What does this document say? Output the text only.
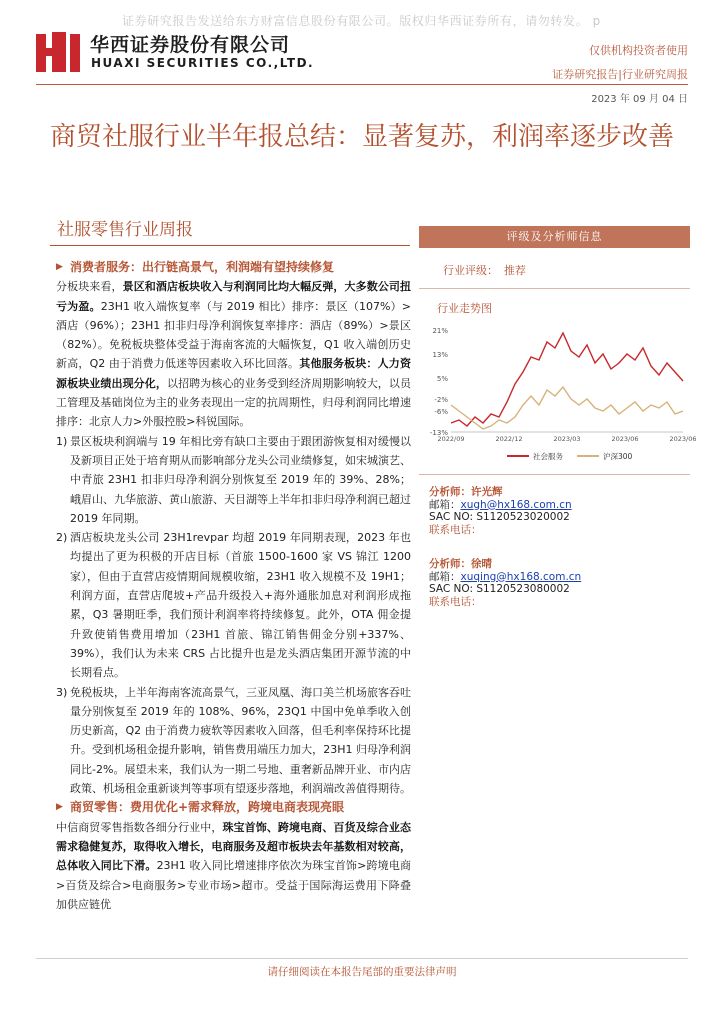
证券研究报告发送给东方财富信息股份有限公司。版权归华西证券所有，请勿转发。 p
华西证券股份有限公司
HUAXI SECURITIES CO.,LTD.
仅供机构投资者使用
证券研究报告|行业研究周报
2023 年 09 月 04 日
商贸社服行业半年报总结：显著复苏，利润率逐步改善
社服零售行业周报
▶ 消费者服务：出行链高景气，利润端有望持续修复
分板块来看，景区和酒店板块收入与利润同比均大幅反弹，大多数公司扭亏为盈。23H1 收入端恢复率（与 2019 相比）排序：景区（107%）>酒店（96%）；23H1 扣非归母净利润恢复率排序：酒店（89%）>景区（82%）。免税板块整体受益于海南客流的大幅恢复，Q1 收入端创历史新高，Q2 由于消费力低迷等因素收入环比回落。其他服务板块：人力资源板块业绩出现分化，以招聘为核心的业务受到经济周期影响较大，以员工管理及基础岗位为主的业务表现出一定的抗周期性，归母利润同比增速排序：北京人力>外服控股>科锐国际。
1) 景区板块利润端与 19 年相比旁有缺口主要由于跟团游恢复相对缓慢以及新项目正处于培育期从而影响部分龙头公司业绩修复，如宋城演艺、中青旅 23H1 扣非归母净利润分别恢复至 2019 年的 39%、28%；峨眉山、九华旅游、黄山旅游、天目湖等上半年扣非归母净利润已超过 2019 年同期。
2) 酒店板块龙头公司 23H1revpar 均超 2019 年同期表现，2023 年也均提出了更为积极的开店目标（首旅 1500-1600 家 VS 锦江 1200 家），但由于直营店疫情期间规模收缩，23H1 收入规模不及 19H1；利润方面，直营店爬坡+产品升级投入+海外通胀加息对利润形成拖累，Q3 暑期旺季，我们预计利润率将持续修复。此外，OTA 佣金提升致使销售费用增加（23H1 首旅、锦江销售佣金分别+337%、39%），我们认为未来 CRS 占比提升也是龙头酒店集团开源节流的中长期看点。
3) 免税板块，上半年海南客流高景气，三亚凤凰、海口美兰机场旅客吞吐量分别恢复至 2019 年的 108%、96%，23Q1 中国中免单季收入创历史新高，Q2 由于消费力疲软等因素收入回落，但毛利率保持环比提升。受到机场租金提升影响，销售费用端压力加大，23H1 归母净利润同比-2%。展望未来，我们认为一期二号地、重奢新品牌开业、市内店政策、机场租金重新谈判等事项有望逐步落地，利润端改善值得期待。
▶ 商贸零售：费用优化+需求释放，跨境电商表现亮眼
中信商贸零售指数各细分行业中，珠宝首饰、跨境电商、百货及综合业态需求稳健复苏，取得收入增长，电商服务及超市板块去年基数相对较高，总体收入同比下滑。23H1 收入同比增速排序依次为珠宝首饰>跨境电商>百货及综合>电商服务>专业市场>超市。受益于国际海运费用下降叠加供应链优
评级及分析师信息
行业评级： 推荐
行业走势图
21%
13%
5%
-2%
-6%
-13%
2022/09	2022/12	2023/03	2023/06	2023/06
社会服务	沪深300
分析师：许光辉
邮箱：xugh@hx168.com.cn
SAC NO: S1120523020002
联系电话：
分析师：徐晴
邮箱：xuqing@hx168.com.cn
SAC NO: S1120523080002
联系电话：
请仔细阅读在本报告尾部的重要法律声明
